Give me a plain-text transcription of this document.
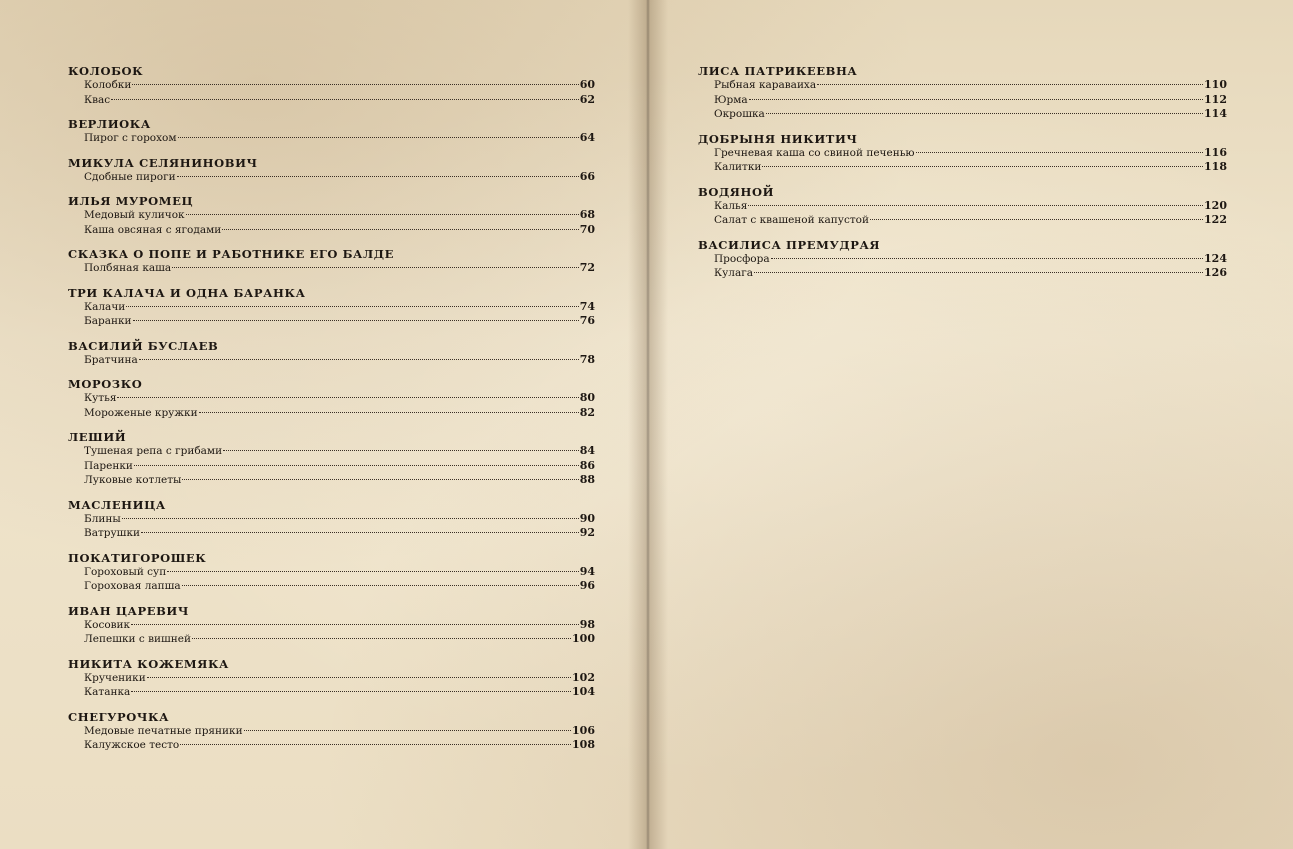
КОЛОБОК
Колобки	60
Квас	62
ВЕРЛИОКА
Пирог с горохом	64
МИКУЛА СЕЛЯНИНОВИЧ
Сдобные пироги	66
ИЛЬЯ МУРОМЕЦ
Медовый куличок	68
Каша овсяная с ягодами	70
СКАЗКА О ПОПЕ И РАБОТНИКЕ ЕГО БАЛДЕ
Полбяная каша	72
ТРИ КАЛАЧА И ОДНА БАРАНКА
Калачи	74
Баранки	76
ВАСИЛИЙ БУСЛАЕВ
Братчина	78
МОРОЗКО
Кутья	80
Мороженые кружки	82
ЛЕШИЙ
Тушеная репа с грибами	84
Паренки	86
Луковые котлеты	88
МАСЛЕНИЦА
Блины	90
Ватрушки	92
ПОКАТИГОРОШЕК
Гороховый суп	94
Гороховая лапша	96
ИВАН ЦАРЕВИЧ
Косовик	98
Лепешки с вишней	100
НИКИТА КОЖЕМЯКА
Крученики	102
Катанка	104
СНЕГУРОЧКА
Медовые печатные пряники	106
Калужское тесто	108
ЛИСА ПАТРИКЕЕВНА
Рыбная караваиха	110
Юрма	112
Окрошка	114
ДОБРЫНЯ НИКИТИЧ
Гречневая каша со свиной печенью	116
Калитки	118
ВОДЯНОЙ
Калья	120
Салат с квашеной капустой	122
ВАСИЛИСА ПРЕМУДРАЯ
Просфора	124
Кулага	126
